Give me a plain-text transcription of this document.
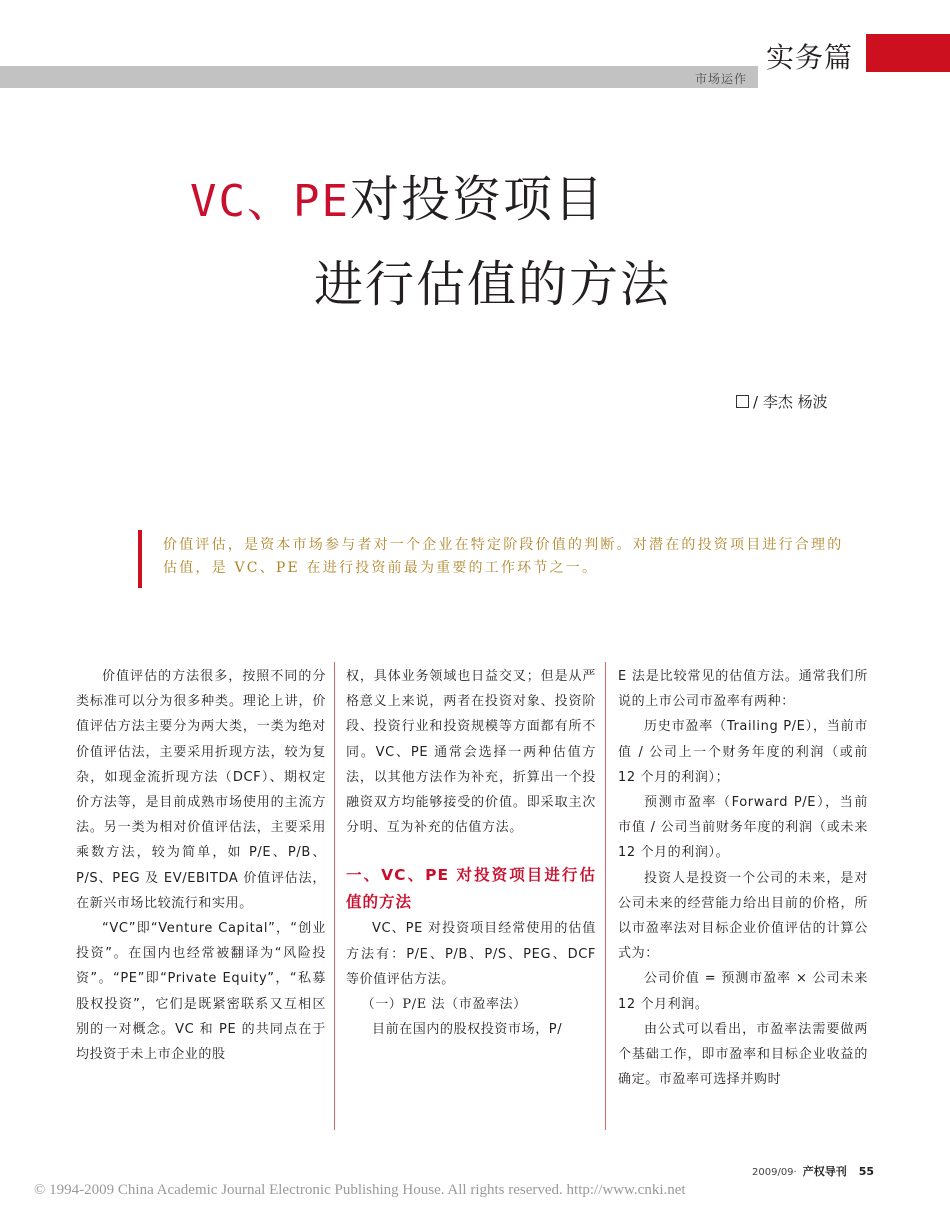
市场运作
实务篇
VC、PE对投资项目
进行估值的方法
/ 李杰 杨波

价值评估，是资本市场参与者对一个企业在特定阶段价值的判断。对潜在的投资项目进行合理的估值，是 VC、PE 在进行投资前最为重要的工作环节之一。

价值评估的方法很多，按照不同的分类标准可以分为很多种类。理论上讲，价值评估方法主要分为两大类，一类为绝对价值评估法，主要采用折现方法，较为复杂，如现金流折现方法（DCF）、期权定价方法等，是目前成熟市场使用的主流方法。另一类为相对价值评估法，主要采用乘数方法，较为简单，如 P/E、P/B、P/S、PEG 及 EV/EBITDA 价值评估法，在新兴市场比较流行和实用。

“VC”即“Venture Capital”，“创业投资”。在国内也经常被翻译为“风险投资”。“PE”即“Private Equity”，“私募股权投资”，它们是既紧密联系又互相区别的一对概念。VC 和 PE 的共同点在于均投资于未上市企业的股

权，具体业务领域也日益交叉；但是从严格意义上来说，两者在投资对象、投资阶段、投资行业和投资规模等方面都有所不同。VC、PE 通常会选择一两种估值方法，以其他方法作为补充，折算出一个投融资双方均能够接受的价值。即采取主次分明、互为补充的估值方法。

一、VC、PE 对投资项目进行估值的方法

VC、PE 对投资项目经常使用的估值方法有：P/E、P/B、P/S、PEG、DCF 等价值评估方法。

（一）P/E 法（市盈率法）

目前在国内的股权投资市场，P/

E 法是比较常见的估值方法。通常我们所说的上市公司市盈率有两种：

历史市盈率（Trailing P/E），当前市值 / 公司上一个财务年度的利润（或前 12 个月的利润）；

预测市盈率（Forward P/E），当前市值 / 公司当前财务年度的利润（或未来 12 个月的利润）。

投资人是投资一个公司的未来，是对公司未来的经营能力给出目前的价格，所以市盈率法对目标企业价值评估的计算公式为：

公司价值 = 预测市盈率 × 公司未来 12 个月利润。

由公式可以看出，市盈率法需要做两个基础工作，即市盈率和目标企业收益的确定。市盈率可选择并购时

2009/09· 产权导刊 55
© 1994-2009 China Academic Journal Electronic Publishing House. All rights reserved. http://www.cnki.net
